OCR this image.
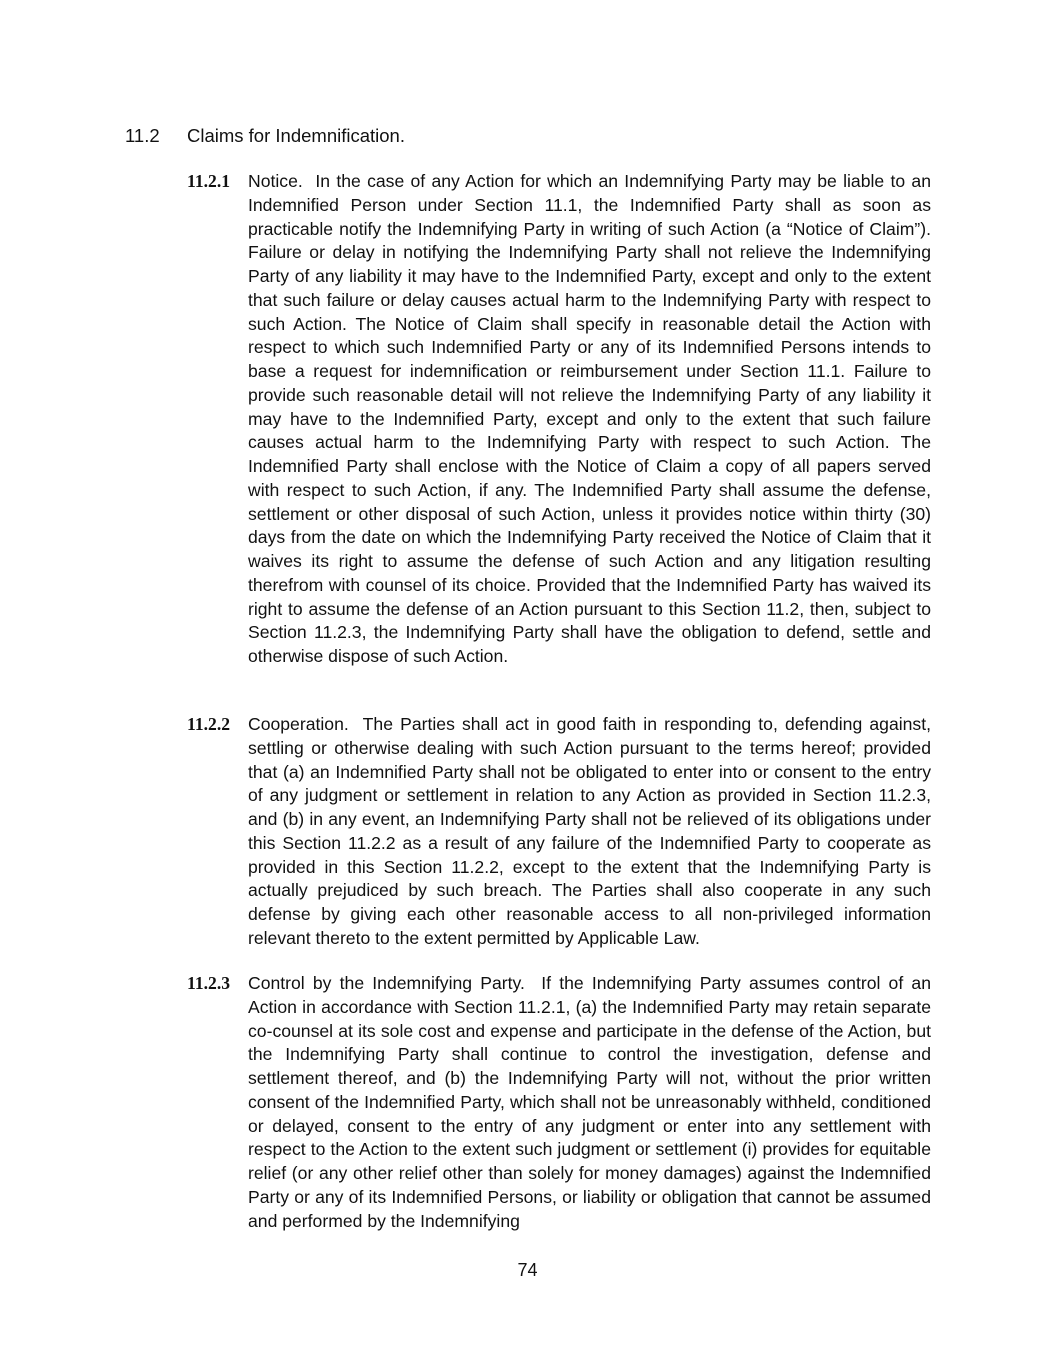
11.2 Claims for Indemnification.
11.2.1 Notice. In the case of any Action for which an Indemnifying Party may be liable to an Indemnified Person under Section 11.1, the Indemnified Party shall as soon as practicable notify the Indemnifying Party in writing of such Action (a “Notice of Claim”). Failure or delay in notifying the Indemnifying Party shall not relieve the Indemnifying Party of any liability it may have to the Indemnified Party, except and only to the extent that such failure or delay causes actual harm to the Indemnifying Party with respect to such Action. The Notice of Claim shall specify in reasonable detail the Action with respect to which such Indemnified Party or any of its Indemnified Persons intends to base a request for indemnification or reimbursement under Section 11.1. Failure to provide such reasonable detail will not relieve the Indemnifying Party of any liability it may have to the Indemnified Party, except and only to the extent that such failure causes actual harm to the Indemnifying Party with respect to such Action. The Indemnified Party shall enclose with the Notice of Claim a copy of all papers served with respect to such Action, if any. The Indemnified Party shall assume the defense, settlement or other disposal of such Action, unless it provides notice within thirty (30) days from the date on which the Indemnifying Party received the Notice of Claim that it waives its right to assume the defense of such Action and any litigation resulting therefrom with counsel of its choice. Provided that the Indemnified Party has waived its right to assume the defense of an Action pursuant to this Section 11.2, then, subject to Section 11.2.3, the Indemnifying Party shall have the obligation to defend, settle and otherwise dispose of such Action.
11.2.2 Cooperation. The Parties shall act in good faith in responding to, defending against, settling or otherwise dealing with such Action pursuant to the terms hereof; provided that (a) an Indemnified Party shall not be obligated to enter into or consent to the entry of any judgment or settlement in relation to any Action as provided in Section 11.2.3, and (b) in any event, an Indemnifying Party shall not be relieved of its obligations under this Section 11.2.2 as a result of any failure of the Indemnified Party to cooperate as provided in this Section 11.2.2, except to the extent that the Indemnifying Party is actually prejudiced by such breach. The Parties shall also cooperate in any such defense by giving each other reasonable access to all non-privileged information relevant thereto to the extent permitted by Applicable Law.
11.2.3 Control by the Indemnifying Party. If the Indemnifying Party assumes control of an Action in accordance with Section 11.2.1, (a) the Indemnified Party may retain separate co-counsel at its sole cost and expense and participate in the defense of the Action, but the Indemnifying Party shall continue to control the investigation, defense and settlement thereof, and (b) the Indemnifying Party will not, without the prior written consent of the Indemnified Party, which shall not be unreasonably withheld, conditioned or delayed, consent to the entry of any judgment or enter into any settlement with respect to the Action to the extent such judgment or settlement (i) provides for equitable relief (or any other relief other than solely for money damages) against the Indemnified Party or any of its Indemnified Persons, or liability or obligation that cannot be assumed and performed by the Indemnifying
74
